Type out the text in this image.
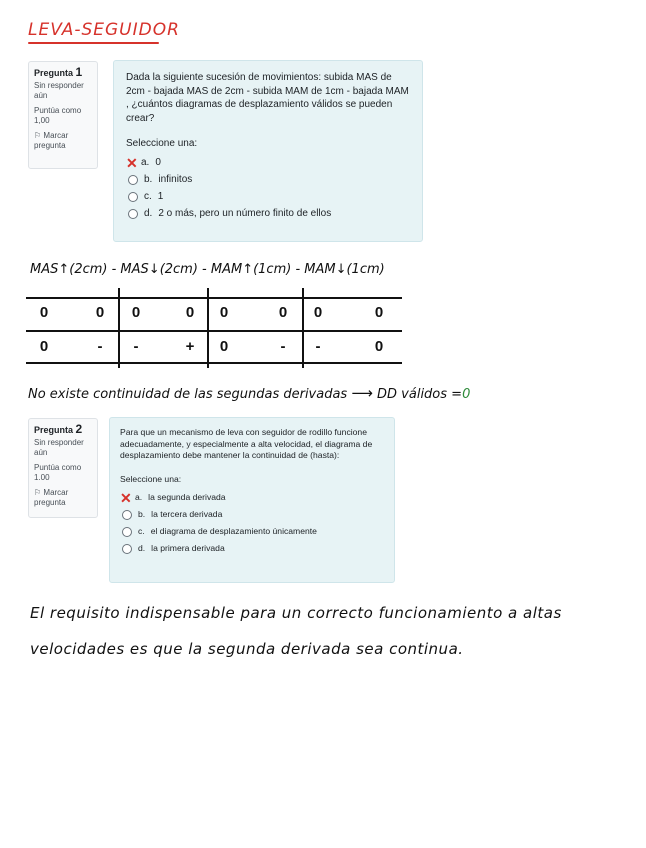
LEVA-SEGUIDOR
Pregunta 1
Sin responder aún
Puntúa como 1,00
⚐ Marcar pregunta
Dada la siguiente sucesión de movimientos: subida MAS de 2cm - bajada MAS de 2cm - subida MAM de 1cm - bajada MAM , ¿cuántos diagramas de desplazamiento válidos se pueden crear?
Seleccione una:
✕ a. 0
b. infinitos
c. 1
d. 2 o más, pero un número finito de ellos
MAS↑(2cm) - MAS↓(2cm) - MAM↑(1cm) - MAM↓(1cm)
0	0	0	0	0	0	0	0
0	-	-	+	0	-	-	0
No existe continuidad de las segundas derivadas ⟶ DD válidos =0
Pregunta 2
Sin responder aún
Puntúa como 1.00
⚐ Marcar pregunta
Para que un mecanismo de leva con seguidor de rodillo funcione adecuadamente, y especialmente a alta velocidad, el diagrama de desplazamiento debe mantener la continuidad de (hasta):
Seleccione una:
✕ a. la segunda derivada
b. la tercera derivada
c. el diagrama de desplazamiento únicamente
d. la primera derivada
El requisito indispensable para un correcto funcionamiento a altas
velocidades es que la segunda derivada sea continua.
